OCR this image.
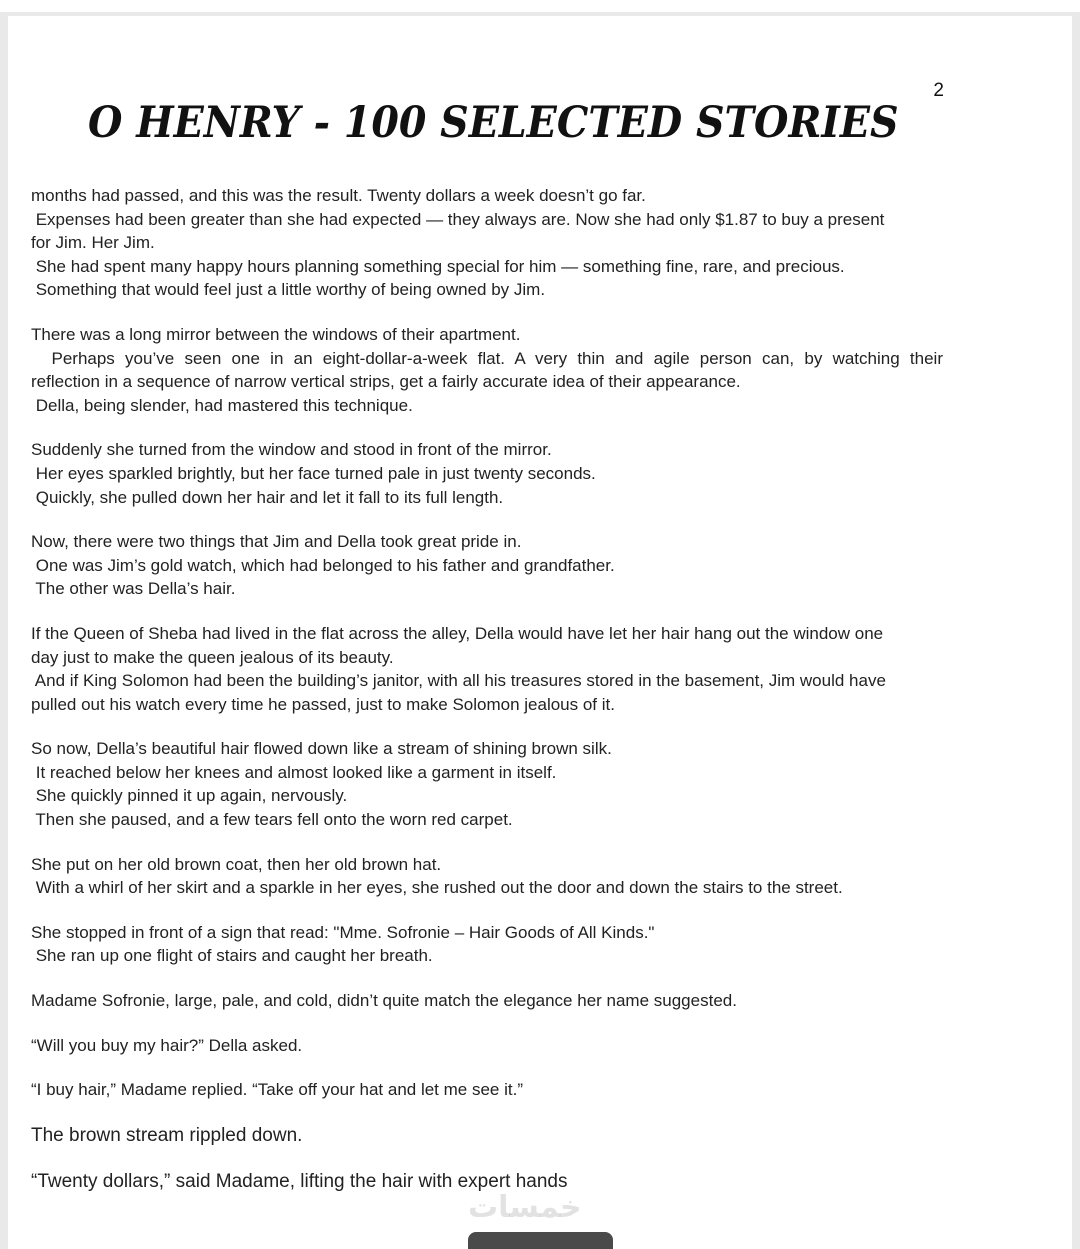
2
O HENRY - 100 SELECTED STORIES
months had passed, and this was the result. Twenty dollars a week doesn’t go far.
Expenses had been greater than she had expected — they always are. Now she had only $1.87 to buy a present
for Jim. Her Jim.
She had spent many happy hours planning something special for him — something fine, rare, and precious.
Something that would feel just a little worthy of being owned by Jim.
There was a long mirror between the windows of their apartment.
Perhaps you’ve seen one in an eight-dollar-a-week flat. A very thin and agile person can, by watching their
reflection in a sequence of narrow vertical strips, get a fairly accurate idea of their appearance.
Della, being slender, had mastered this technique.
Suddenly she turned from the window and stood in front of the mirror.
Her eyes sparkled brightly, but her face turned pale in just twenty seconds.
Quickly, she pulled down her hair and let it fall to its full length.
Now, there were two things that Jim and Della took great pride in.
One was Jim’s gold watch, which had belonged to his father and grandfather.
The other was Della’s hair.
If the Queen of Sheba had lived in the flat across the alley, Della would have let her hair hang out the window one
day just to make the queen jealous of its beauty.
And if King Solomon had been the building’s janitor, with all his treasures stored in the basement, Jim would have
pulled out his watch every time he passed, just to make Solomon jealous of it.
So now, Della’s beautiful hair flowed down like a stream of shining brown silk.
It reached below her knees and almost looked like a garment in itself.
She quickly pinned it up again, nervously.
Then she paused, and a few tears fell onto the worn red carpet.
She put on her old brown coat, then her old brown hat.
With a whirl of her skirt and a sparkle in her eyes, she rushed out the door and down the stairs to the street.
She stopped in front of a sign that read: "Mme. Sofronie – Hair Goods of All Kinds."
She ran up one flight of stairs and caught her breath.
Madame Sofronie, large, pale, and cold, didn’t quite match the elegance her name suggested.
“Will you buy my hair?” Della asked.
“I buy hair,” Madame replied. “Take off your hat and let me see it.”
The brown stream rippled down.
“Twenty dollars,” said Madame, lifting the hair with expert hands
خمسات
